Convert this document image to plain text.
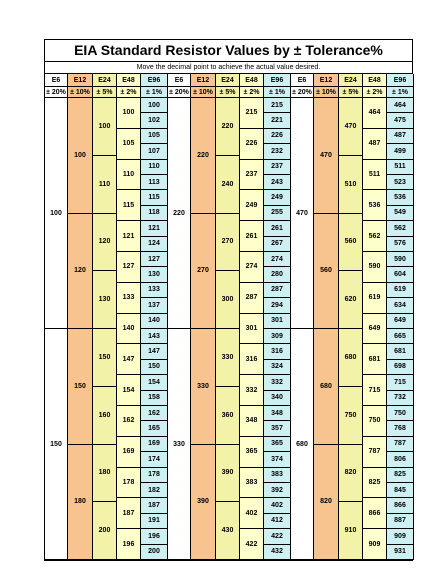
EIA Standard Resistor Values by ± Tolerance%
Move the decimal point to achieve the actual value desired.
E6
± 20%
100
150
E12
± 10%
100
120
150
180
E24
± 5%
100
110
120
130
150
160
180
200
E48
± 2%
100
105
110
115
121
127
133
140
147
154
162
169
178
187
196
E96
± 1%
100
102
105
107
110
113
115
118
121
124
127
130
133
137
140
143
147
150
154
158
162
165
169
174
178
182
187
191
196
200
E6
± 20%
220
330
E12
± 10%
220
270
330
390
E24
± 5%
220
240
270
300
330
360
390
430
E48
± 2%
215
226
237
249
261
274
287
301
316
332
348
365
383
402
422
E96
± 1%
215
221
226
232
237
243
249
255
261
267
274
280
287
294
301
309
316
324
332
340
348
357
365
374
383
392
402
412
422
432
E6
± 20%
470
680
E12
± 10%
470
560
680
820
E24
± 5%
470
510
560
620
680
750
820
910
E48
± 2%
464
487
511
536
562
590
619
649
681
715
750
787
825
866
909
E96
± 1%
464
475
487
499
511
523
536
549
562
576
590
604
619
634
649
665
681
698
715
732
750
768
787
806
825
845
866
887
909
931
